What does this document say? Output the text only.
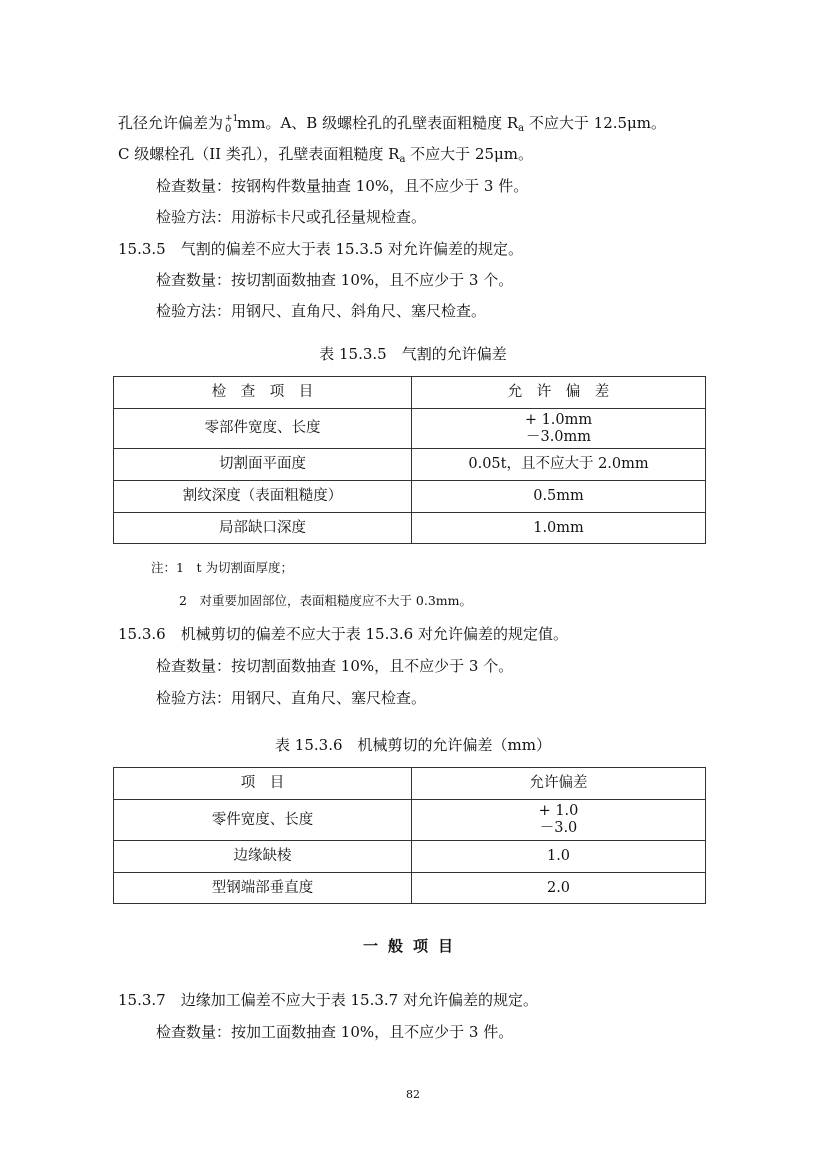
孔径允许偏差为 +1
0 mm。A、B 级螺栓孔的孔壁表面粗糙度 $R_a$ 不应大于 12.5μm。
C 级螺栓孔（II 类孔），孔壁表面粗糙度 $R_a$ 不应大于 25μm。
检查数量：按钢构件数量抽查 10%，且不应少于 3 件。
检验方法：用游标卡尺或孔径量规检查。
15.3.5　气割的偏差不应大于表 15.3.5 对允许偏差的规定。
检查数量：按切割面数抽查 10%，且不应少于 3 个。
检验方法：用钢尺、直角尺、斜角尺、塞尺检查。
表 15.3.5　气割的允许偏差
检　查　项　目	允　许　偏　差
零部件宽度、长度	+ 1.0mm
－3.0mm

切割面平面度	0.05t，且不应大于 2.0mm
割纹深度（表面粗糙度）	0.5mm
局部缺口深度	1.0mm
注：1　t 为切割面厚度；
2　对重要加固部位，表面粗糙度应不大于 0.3mm。
15.3.6　机械剪切的偏差不应大于表 15.3.6 对允许偏差的规定值。
检查数量：按切割面数抽查 10%，且不应少于 3 个。
检验方法：用钢尺、直角尺、塞尺检查。
表 15.3.6　机械剪切的允许偏差（mm）
项　目	允许偏差
零件宽度、长度	+ 1.0
－3.0

边缘缺棱	1.0
型钢端部垂直度	2.0
一般项目
15.3.7　边缘加工偏差不应大于表 15.3.7 对允许偏差的规定。
检查数量：按加工面数抽查 10%，且不应少于 3 件。
82
